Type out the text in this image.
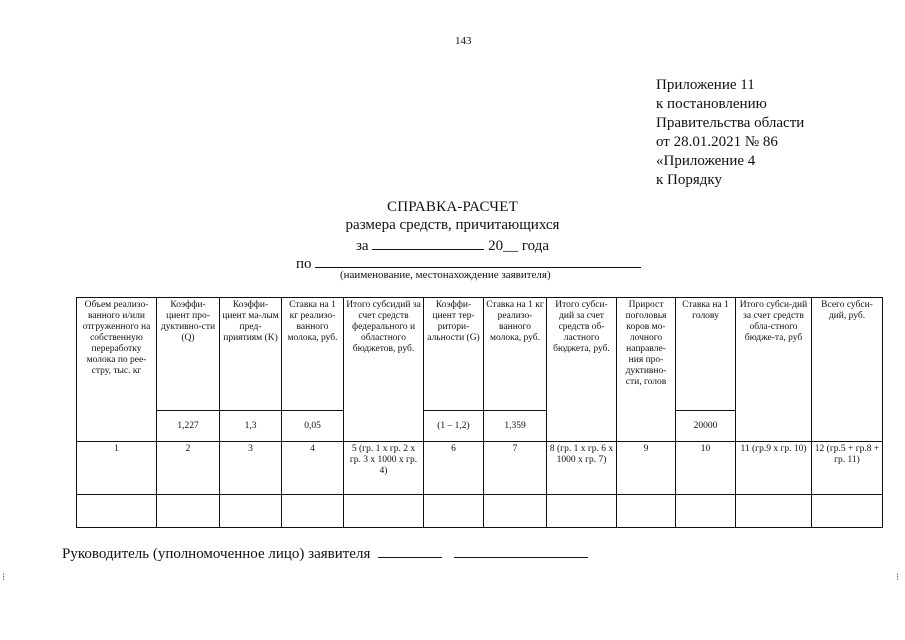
143
Приложение 11
к постановлению
Правительства области
от 28.01.2021 № 86
«Приложение 4
к Порядку
СПРАВКА-РАСЧЕТ
размера средств, причитающихся
за	20__ года
по
(наименование, местонахождение заявителя)
Объем реализо-ванного и/или отгруженного на собственную переработку молока по рее-стру, тыс. кг	Коэффи-циент про-дуктивно-сти (Q)	Коэффи-циент ма-лым пред-приятиям (K)	Ставка на 1 кг реализо-ванного молока, руб.	Итого субсидий за счет средств федерального и областного бюджетов, руб.	Коэффи-циент тер-ритори-альности (G)	Ставка на 1 кг реализо-ванного молока, руб.	Итого субси-дий за счет средств об-ластного бюджета, руб.	Прирост поголовья коров мо-лочного направле-ния про-дуктивно-сти, голов	Ставка на 1 голову	Итого субси-дий за счет средств обла-стного бюдже-та, руб	Всего субси-дий, руб.
	1,227	1,3	0,05		(1 – 1,2)	1,359			20000		
1	2	3	4	5 (гр. 1 х гр. 2 х гр. 3 х 1000 х гр. 4)	6	7	8 (гр. 1 х гр. 6 х 1000 х гр. 7)	9	10	11 (гр.9 х гр. 10)	12 (гр.5 + гр.8 + гр. 11)

Руководитель (уполномоченное лицо) заявителя
⁝	⁝
